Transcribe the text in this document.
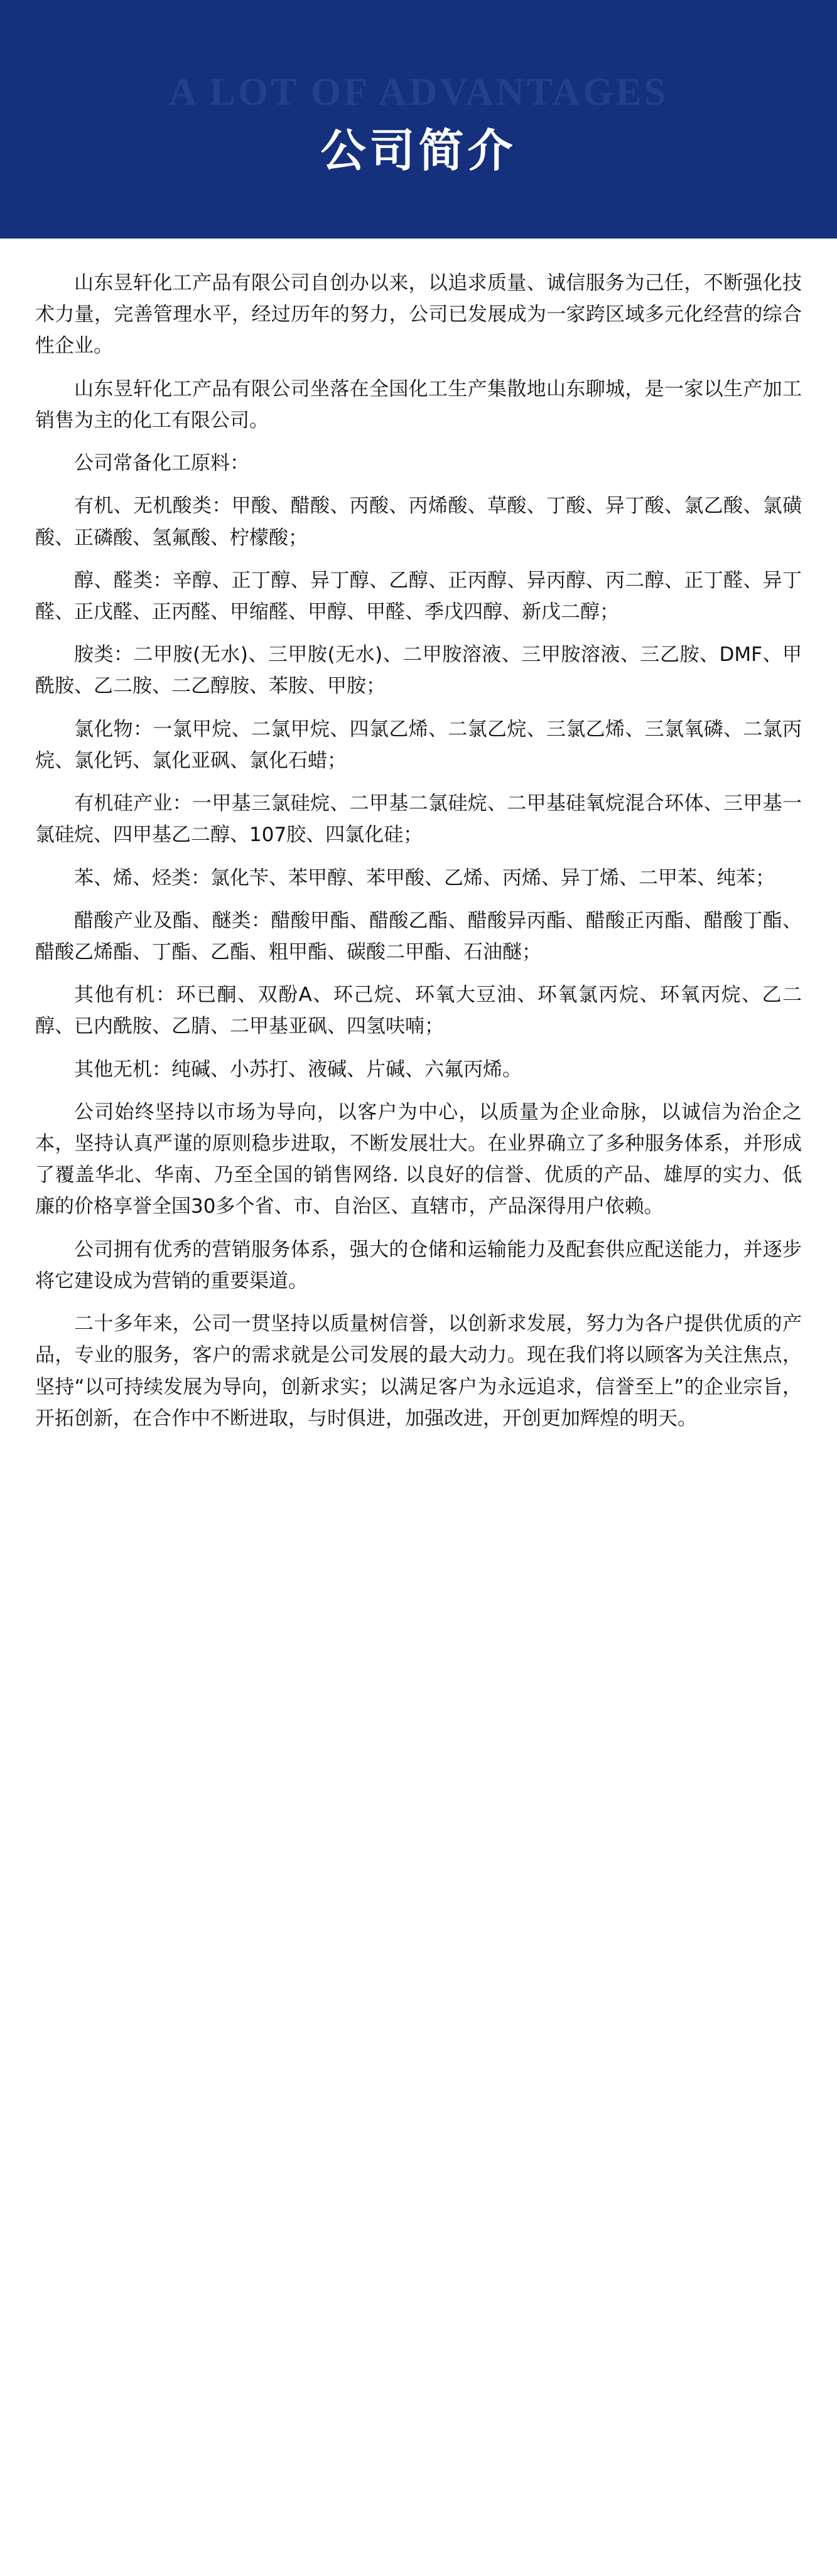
A LOT OF ADVANTAGES
公司简介

山东昱轩化工产品有限公司自创办以来，以追求质量、诚信服务为己任，不断强化技术力量，完善管理水平，经过历年的努力，公司已发展成为一家跨区域多元化经营的综合性企业。

山东昱轩化工产品有限公司坐落在全国化工生产集散地山东聊城，是一家以生产加工销售为主的化工有限公司。

公司常备化工原料：

有机、无机酸类：甲酸、醋酸、丙酸、丙烯酸、草酸、丁酸、异丁酸、氯乙酸、氯磺酸、正磷酸、氢氟酸、柠檬酸；

醇、醛类：辛醇、正丁醇、异丁醇、乙醇、正丙醇、异丙醇、丙二醇、正丁醛、异丁醛、正戊醛、正丙醛、甲缩醛、甲醇、甲醛、季戊四醇、新戊二醇；

胺类：二甲胺(无水)、三甲胺(无水)、二甲胺溶液、三甲胺溶液、三乙胺、DMF、甲酰胺、乙二胺、二乙醇胺、苯胺、甲胺；

氯化物：一氯甲烷、二氯甲烷、四氯乙烯、二氯乙烷、三氯乙烯、三氯氧磷、二氯丙烷、氯化钙、氯化亚砜、氯化石蜡；

有机硅产业：一甲基三氯硅烷、二甲基二氯硅烷、二甲基硅氧烷混合环体、三甲基一氯硅烷、四甲基乙二醇、107胶、四氯化硅；

苯、烯、烃类：氯化苄、苯甲醇、苯甲酸、乙烯、丙烯、异丁烯、二甲苯、纯苯；

醋酸产业及酯、醚类：醋酸甲酯、醋酸乙酯、醋酸异丙酯、醋酸正丙酯、醋酸丁酯、醋酸乙烯酯、丁酯、乙酯、粗甲酯、碳酸二甲酯、石油醚；

其他有机：环已酮、双酚A、环己烷、环氧大豆油、环氧氯丙烷、环氧丙烷、乙二醇、已内酰胺、乙腈、二甲基亚砜、四氢呋喃；

其他无机：纯碱、小苏打、液碱、片碱、六氟丙烯。

公司始终坚持以市场为导向，以客户为中心，以质量为企业命脉，以诚信为治企之本，坚持认真严谨的原则稳步进取，不断发展壮大。在业界确立了多种服务体系，并形成了覆盖华北、华南、乃至全国的销售网络. 以良好的信誉、优质的产品、雄厚的实力、低廉的价格享誉全国30多个省、市、自治区、直辖市，产品深得用户依赖。

公司拥有优秀的营销服务体系，强大的仓储和运输能力及配套供应配送能力，并逐步将它建设成为营销的重要渠道。

二十多年来，公司一贯坚持以质量树信誉，以创新求发展，努力为各户提供优质的产品，专业的服务，客户的需求就是公司发展的最大动力。现在我们将以顾客为关注焦点，坚持“以可持续发展为导向，创新求实；以满足客户为永远追求，信誉至上”的企业宗旨，开拓创新，在合作中不断进取，与时俱进，加强改进，开创更加辉煌的明天。
